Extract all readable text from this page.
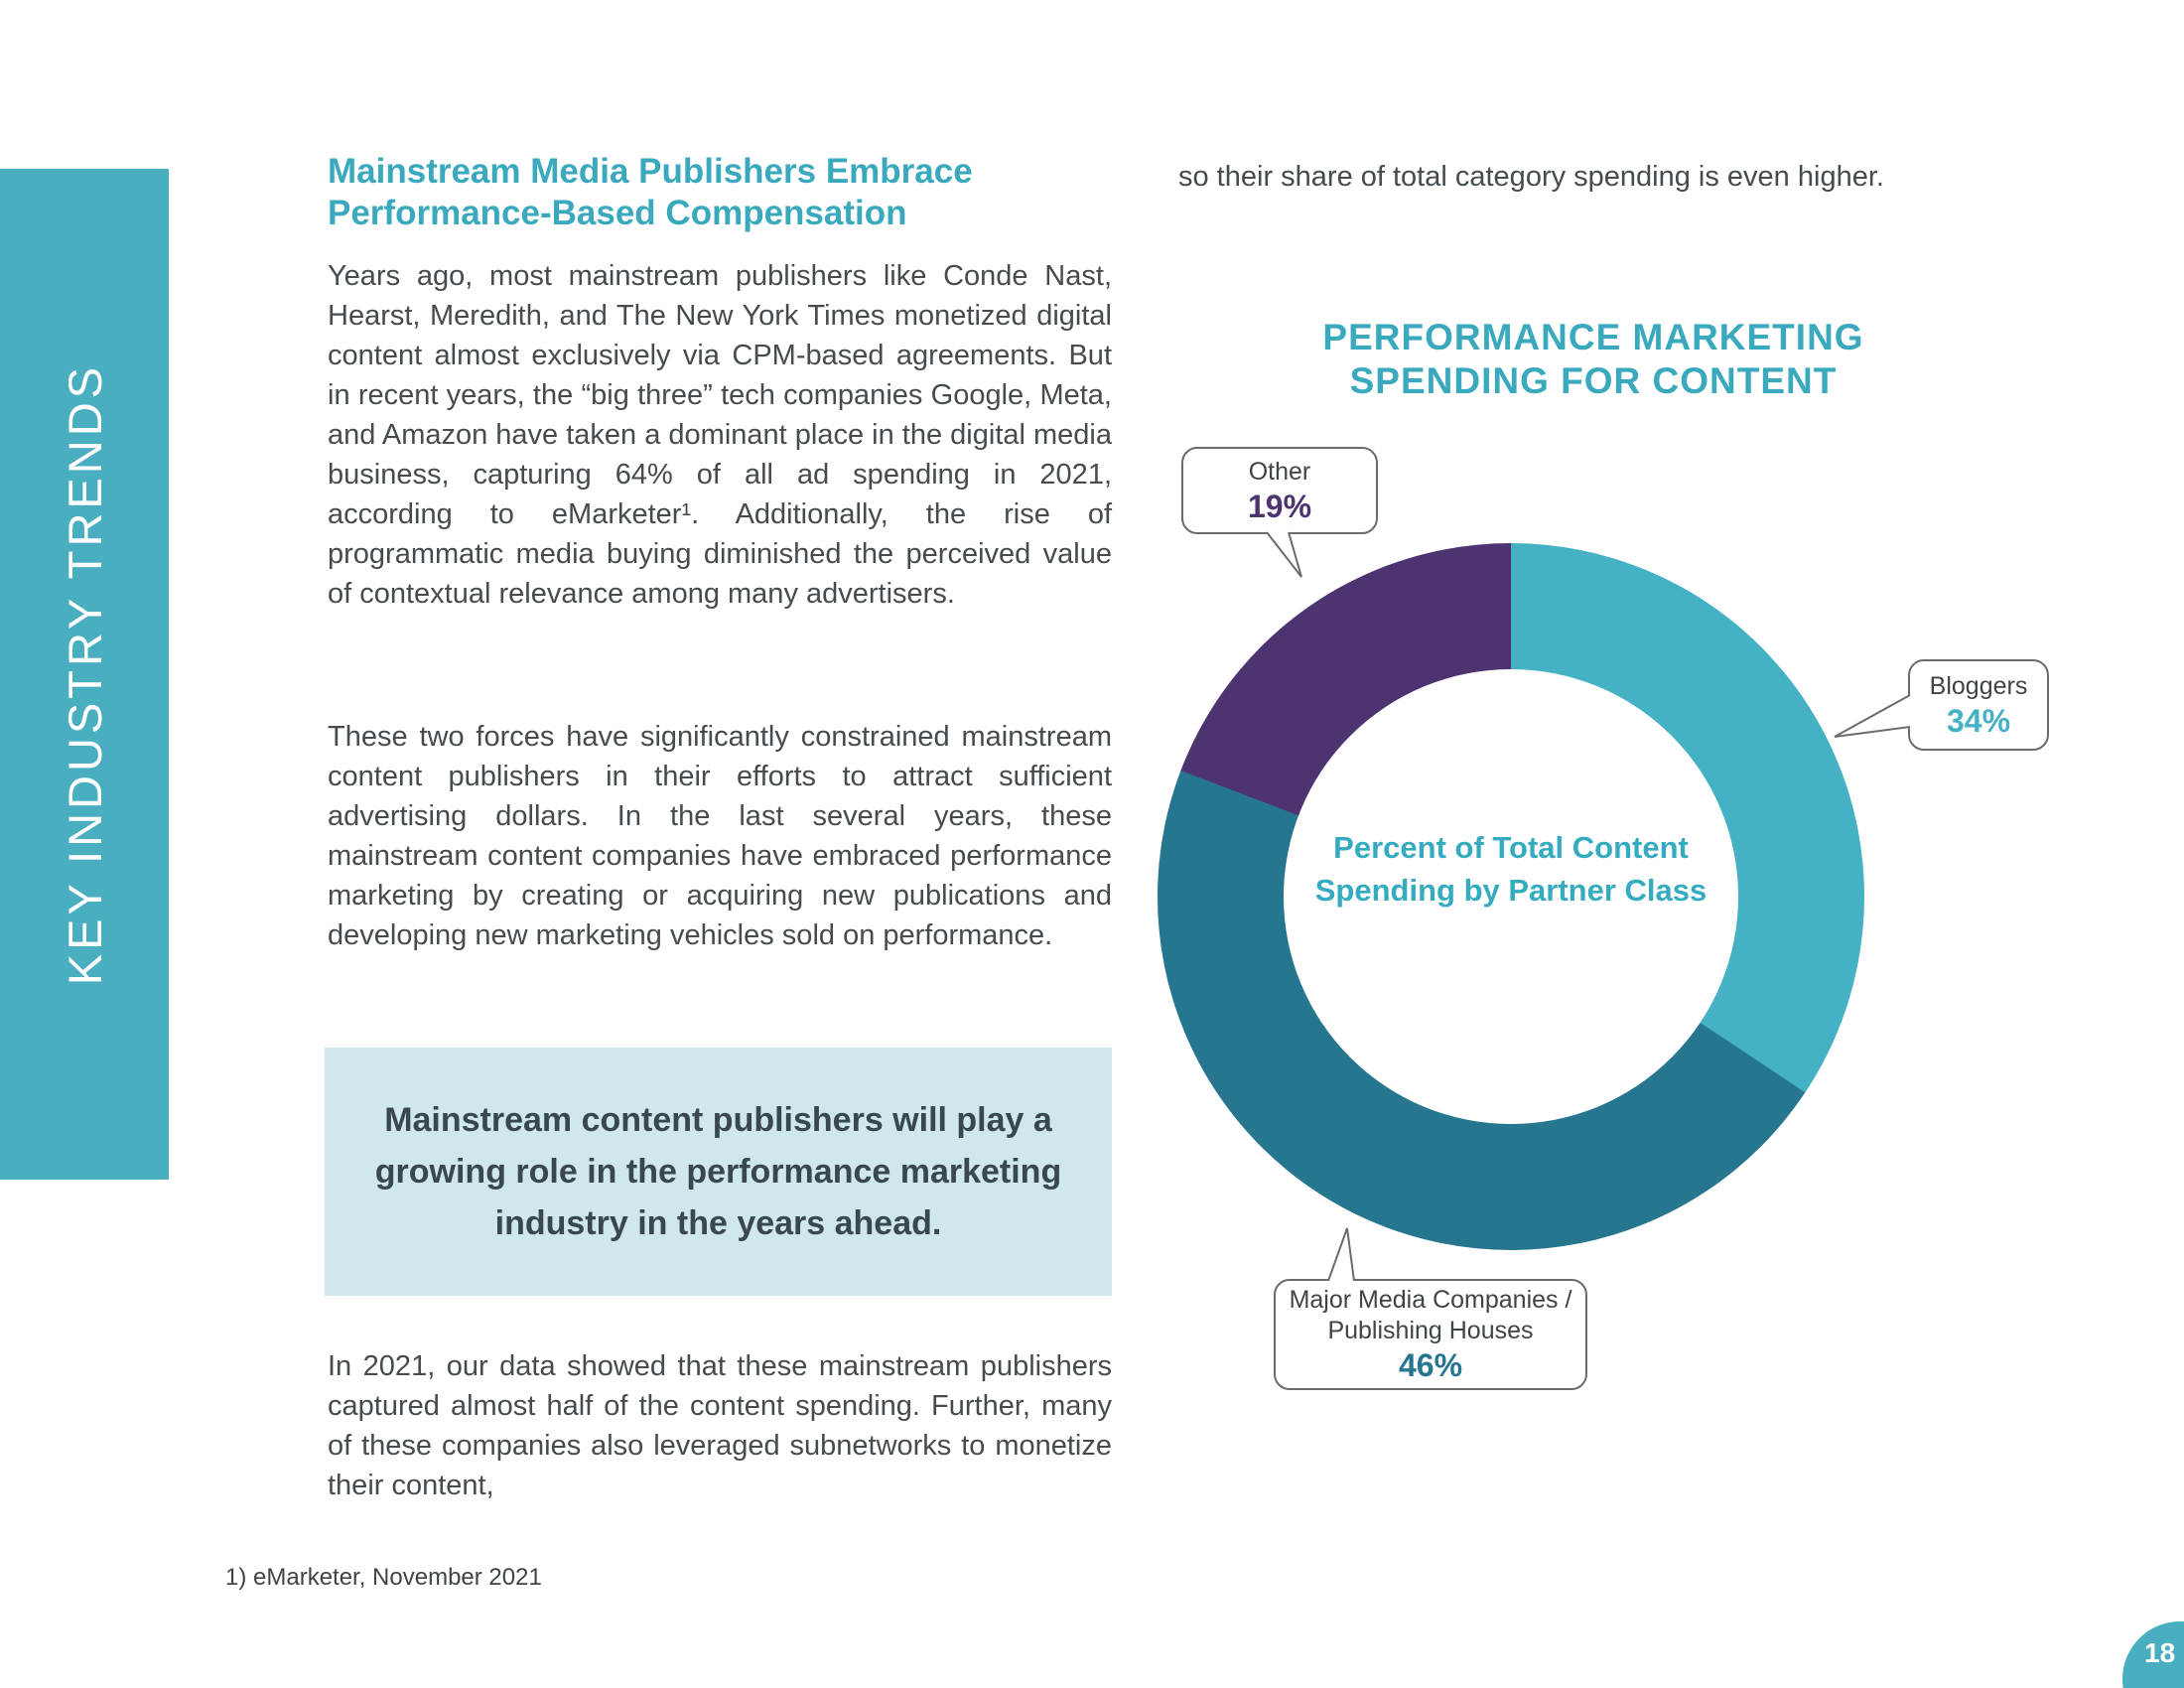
KEY INDUSTRY TRENDS
Mainstream Media Publishers Embrace Performance-Based Compensation

Years ago, most mainstream publishers like Conde Nast, Hearst, Meredith, and The New York Times monetized digital content almost exclusively via CPM-based agreements. But in recent years, the “big three” tech companies Google, Meta, and Amazon have taken a dominant place in the digital media business, capturing 64% of all ad spending in 2021, according to eMarketer¹. Additionally, the rise of programmatic media buying diminished the perceived value of contextual relevance among many advertisers.

These two forces have significantly constrained mainstream content publishers in their efforts to attract sufficient advertising dollars. In the last several years, these mainstream content companies have embraced performance marketing by creating or acquiring new publications and developing new marketing vehicles sold on performance.

Mainstream content publishers will play a growing role in the performance marketing industry in the years ahead.

In 2021, our data showed that these mainstream publishers captured almost half of the content spending. Further, many of these companies also leveraged subnetworks to monetize their content,

1) eMarketer, November 2021

so their share of total category spending is even higher.

PERFORMANCE MARKETING
SPENDING FOR CONTENT
Percent of Total Content
Spending by Partner Class
Other
19%
Bloggers
34%
Major Media Companies / Publishing Houses
46%
18
